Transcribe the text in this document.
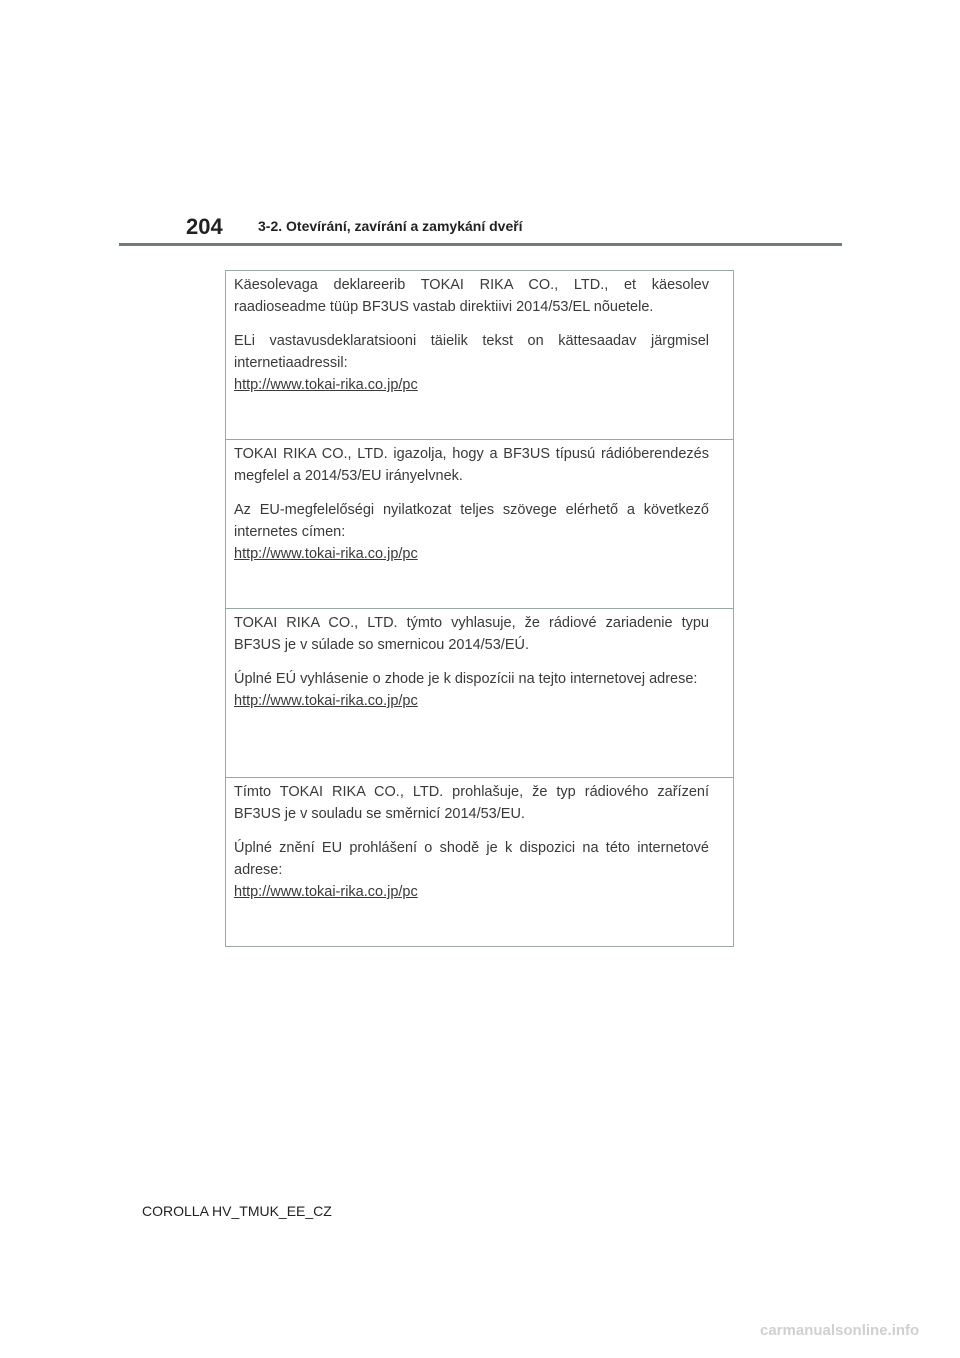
204	3-2. Otevírání, zavírání a zamykání dveří

Käesolevaga deklareerib TOKAI RIKA CO., LTD., et käesolev raadioseadme tüüp BF3US vastab direktiivi 2014/53/EL nõuetele.

ELi vastavusdeklaratsiooni täielik tekst on kättesaadav järgmisel internetiaadressil:

http://www.tokai-rika.co.jp/pc

TOKAI RIKA CO., LTD. igazolja, hogy a BF3US típusú rádióberendezés megfelel a 2014/53/EU irányelvnek.

Az EU-megfelelőségi nyilatkozat teljes szövege elérhető a következő internetes címen:

http://www.tokai-rika.co.jp/pc

TOKAI RIKA CO., LTD. týmto vyhlasuje, že rádiové zariadenie typu BF3US je v súlade so smernicou 2014/53/EÚ.

Úplné EÚ vyhlásenie o zhode je k dispozícii na tejto internetovej adrese:

http://www.tokai-rika.co.jp/pc

Tímto TOKAI RIKA CO., LTD. prohlašuje, že typ rádiového zařízení BF3US je v souladu se směrnicí 2014/53/EU.

Úplné znění EU prohlášení o shodě je k dispozici na této internetové adrese:

http://www.tokai-rika.co.jp/pc
COROLLA HV_TMUK_EE_CZ
carmanualsonline.info
